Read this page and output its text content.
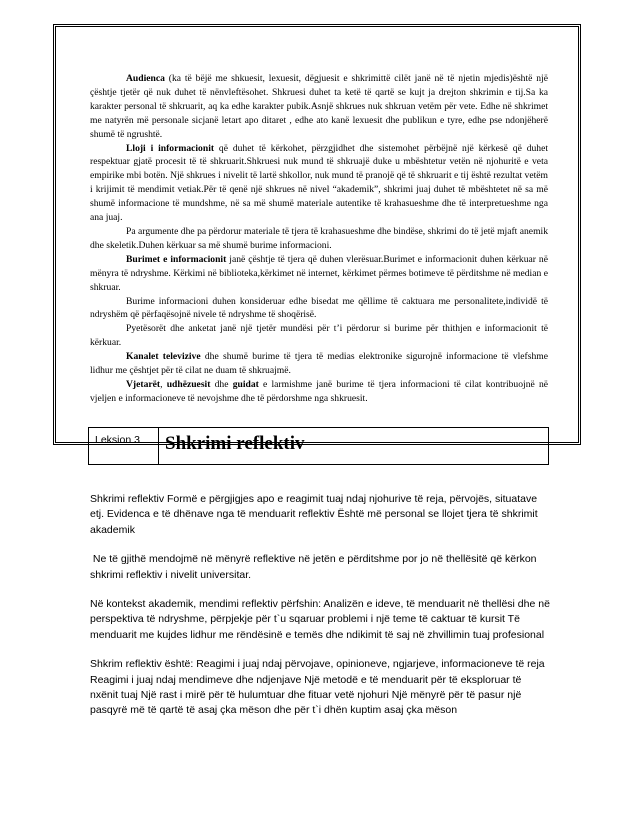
Audienca (ka të bëjë me shkuesit, lexuesit, dëgjuesit e shkrimittë cilët janë në të njetin mjedis)është një çështje tjetër që nuk duhet të nënvleftësohet. Shkruesi duhet ta ketë të qartë se kujt ja drejton shkrimin e tij.Sa ka karakter personal të shkruarit, aq ka edhe karakter pubik.Asnjë shkrues nuk shkruan vetëm për vete. Edhe në shkrimet me natyrën më personale sicjanë letart apo ditaret , edhe ato kanë lexuesit dhe publikun e tyre, edhe pse ndonjëherë shumë të ngrushtë.

Lloji i informacionit që duhet të kërkohet, përzgjidhet dhe sistemohet përbëjnë një kërkesë që duhet respektuar gjatë procesit të të shkruarit.Shkruesi nuk mund të shkruajë duke u mbështetur vetën në njohuritë e veta empirike mbi botën. Një shkrues i nivelit të lartë shkollor, nuk mund të pranojë që të shkruarit e tij është rezultat vetëm i krijimit të mendimit vetiak.Për të qenë një shkrues në nivel “akademik”, shkrimi juaj duhet të mbështetet në sa më shumë informacione të mundshme, në sa më shumë materiale autentike të krahasueshme dhe të interpretueshme nga ana juaj.

Pa argumente dhe pa përdorur materiale të tjera të krahasueshme dhe bindëse, shkrimi do të jetë mjaft anemik dhe skeletik.Duhen kërkuar sa më shumë burime informacioni.

Burimet e informacionit janë çështje të tjera që duhen vlerësuar.Burimet e informacionit duhen kërkuar në mënyra të ndryshme. Kërkimi në biblioteka,kërkimet në internet, kërkimet përmes botimeve të përditshme në median e shkruar.

Burime informacioni duhen konsideruar edhe bisedat me qëllime të caktuara me personalitete,individë të ndryshëm që përfaqësojnë nivele të ndryshme të shoqërisë.

Pyetësorët dhe anketat janë një tjetër mundësi për t’i përdorur si burime për thithjen e informacionit të kërkuar.

Kanalet televizive dhe shumë burime të tjera të medias elektronike sigurojnë informacione të vlefshme lidhur me çështjet për të cilat ne duam të shkruajmë.

Vjetarët, udhëzuesit dhe guidat e larmishme janë burime të tjera informacioni të cilat kontribuojnë në vjeljen e informacioneve të nevojshme dhe të përdorshme nga shkruesit.

Leksion 3	Shkrimi reflektiv

Shkrimi reflektiv Formë e përgjigjes apo e reagimit tuaj ndaj njohurive të reja, përvojës, situatave etj. Evidenca e të dhënave nga të menduarit reflektiv Është më personal se llojet tjera të shkrimit akademik

Ne të gjithë mendojmë në mënyrë reflektive në jetën e përditshme por jo në thellësitë që kërkon shkrimi reflektiv i nivelit universitar.

Në kontekst akademik, mendimi reflektiv përfshin: Analizën e ideve, të menduarit në thellësi dhe në perspektiva të ndryshme, përpjekje për t`u sqaruar problemi i një teme të caktuar të kursit Të menduarit me kujdes lidhur me rëndësinë e temës dhe ndikimit të saj në zhvillimin tuaj profesional

Shkrim reflektiv është: Reagimi i juaj ndaj përvojave, opinioneve, ngjarjeve, informacioneve të reja Reagimi i juaj ndaj mendimeve dhe ndjenjave Një metodë e të menduarit për të eksploruar të nxënit tuaj Një rast i mirë për të hulumtuar dhe fituar vetë njohuri Një mënyrë për të pasur një pasqyrë më të qartë të asaj çka mëson dhe për t`i dhën kuptim asaj çka mëson
